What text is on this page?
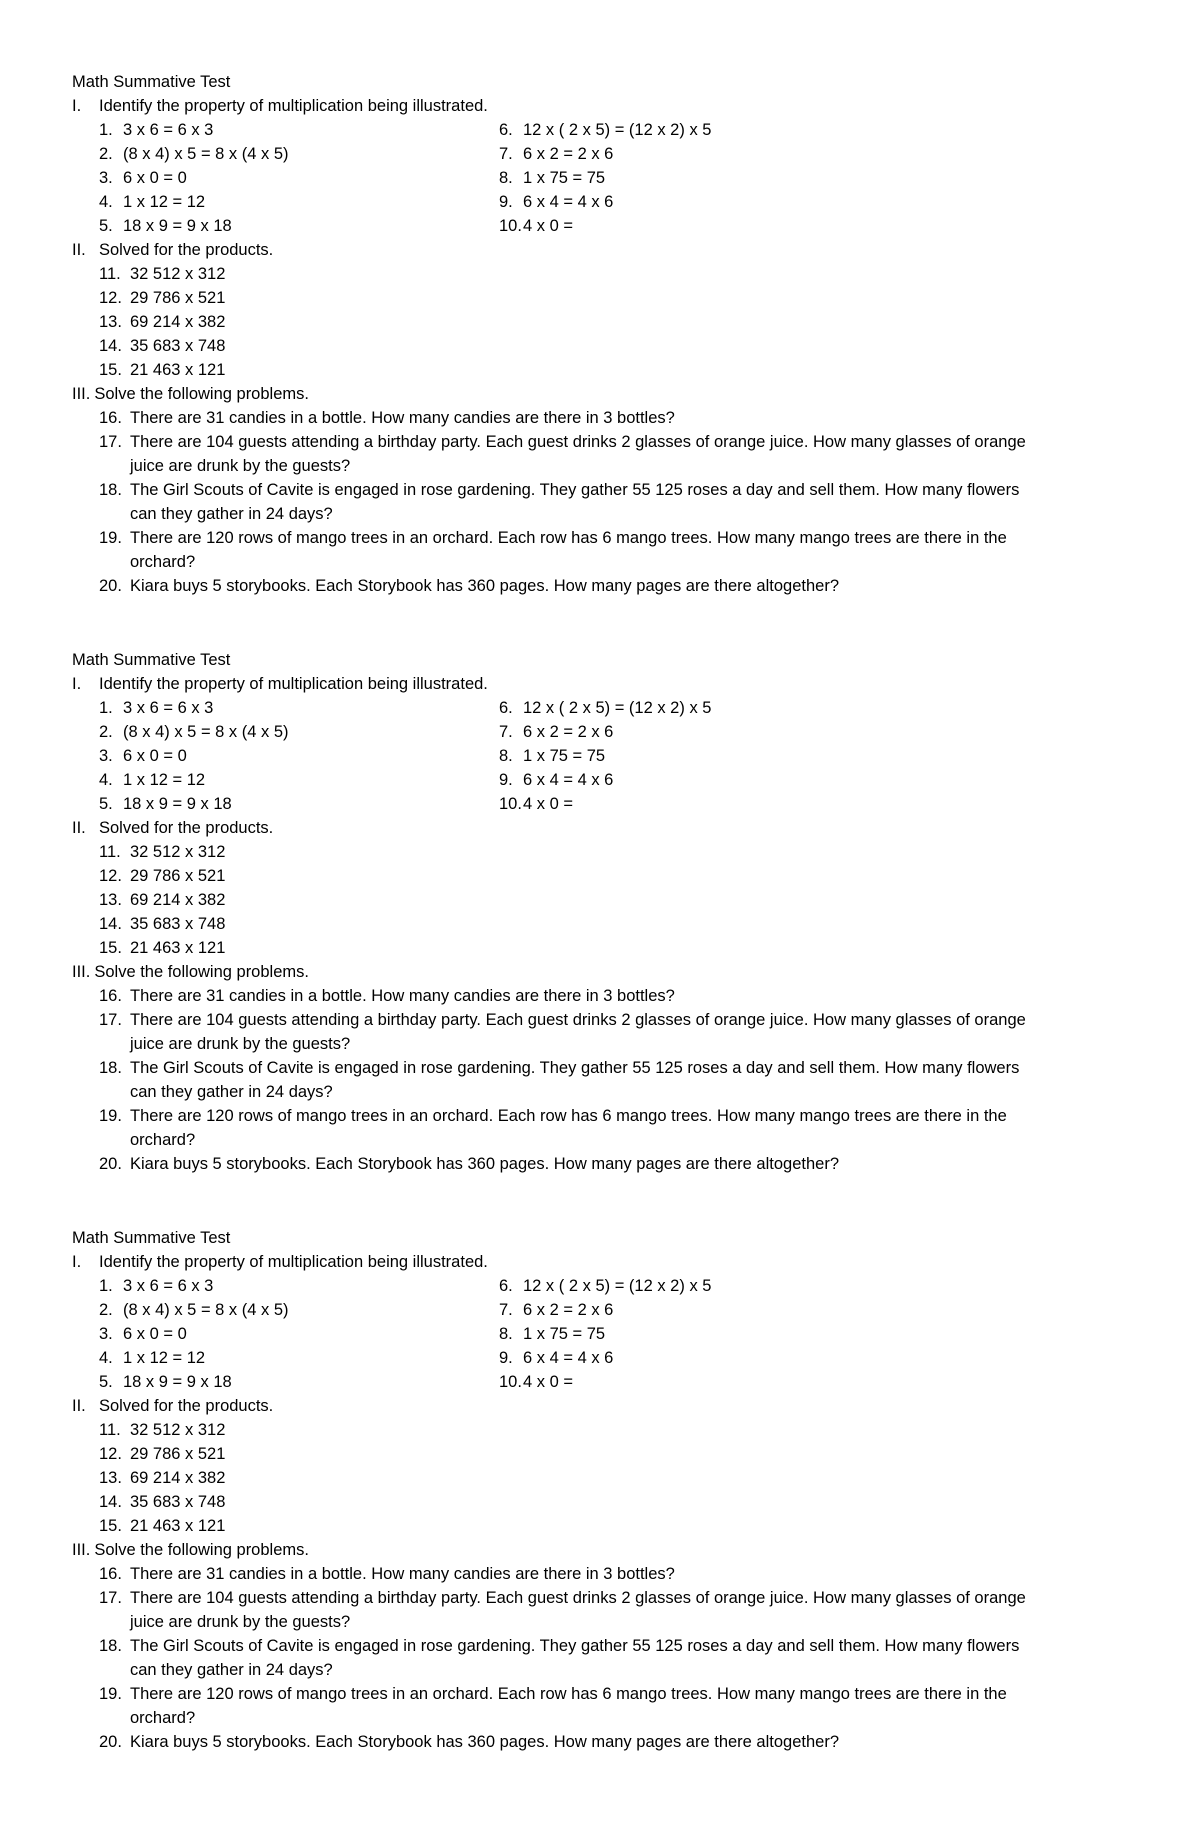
Math Summative Test
I.	Identify the property of multiplication being illustrated.
1. 3 x 6 = 6 x 3
2. (8 x 4) x 5 = 8 x (4 x 5)
3. 6 x 0 = 0
4. 1 x 12 = 12
5. 18 x 9 = 9 x 18
6. 12 x ( 2 x 5) = (12 x 2) x 5
7. 6 x 2 = 2 x 6
8. 1 x 75 = 75
9. 6 x 4 = 4 x 6
10. 4 x 0 =
II. Solved for the products.
11. 32 512 x 312
12. 29 786 x 521
13. 69 214 x 382
14. 35 683 x 748
15. 21 463 x 121
III. Solve the following problems.
16. There are 31 candies in a bottle. How many candies are there in 3 bottles?
17. There are 104 guests attending a birthday party. Each guest drinks 2 glasses of orange juice. How many glasses of orange juice are drunk by the guests?
18. The Girl Scouts of Cavite is engaged in rose gardening. They gather 55 125 roses a day and sell them. How many flowers can they gather in 24 days?
19. There are 120 rows of mango trees in an orchard. Each row has 6 mango trees. How many mango trees are there in the orchard?
20. Kiara buys 5 storybooks. Each Storybook has 360 pages. How many pages are there altogether?
Math Summative Test
I.	Identify the property of multiplication being illustrated.
1. 3 x 6 = 6 x 3
2. (8 x 4) x 5 = 8 x (4 x 5)
3. 6 x 0 = 0
4. 1 x 12 = 12
5. 18 x 9 = 9 x 18
6. 12 x ( 2 x 5) = (12 x 2) x 5
7. 6 x 2 = 2 x 6
8. 1 x 75 = 75
9. 6 x 4 = 4 x 6
10. 4 x 0 =
II. Solved for the products.
11. 32 512 x 312
12. 29 786 x 521
13. 69 214 x 382
14. 35 683 x 748
15. 21 463 x 121
III. Solve the following problems.
16. There are 31 candies in a bottle. How many candies are there in 3 bottles?
17. There are 104 guests attending a birthday party. Each guest drinks 2 glasses of orange juice. How many glasses of orange juice are drunk by the guests?
18. The Girl Scouts of Cavite is engaged in rose gardening. They gather 55 125 roses a day and sell them. How many flowers can they gather in 24 days?
19. There are 120 rows of mango trees in an orchard. Each row has 6 mango trees. How many mango trees are there in the orchard?
20. Kiara buys 5 storybooks. Each Storybook has 360 pages. How many pages are there altogether?
Math Summative Test
I.	Identify the property of multiplication being illustrated.
1. 3 x 6 = 6 x 3
2. (8 x 4) x 5 = 8 x (4 x 5)
3. 6 x 0 = 0
4. 1 x 12 = 12
5. 18 x 9 = 9 x 18
6. 12 x ( 2 x 5) = (12 x 2) x 5
7. 6 x 2 = 2 x 6
8. 1 x 75 = 75
9. 6 x 4 = 4 x 6
10. 4 x 0 =
II. Solved for the products.
11. 32 512 x 312
12. 29 786 x 521
13. 69 214 x 382
14. 35 683 x 748
15. 21 463 x 121
III. Solve the following problems.
16. There are 31 candies in a bottle. How many candies are there in 3 bottles?
17. There are 104 guests attending a birthday party. Each guest drinks 2 glasses of orange juice. How many glasses of orange juice are drunk by the guests?
18. The Girl Scouts of Cavite is engaged in rose gardening. They gather 55 125 roses a day and sell them. How many flowers can they gather in 24 days?
19. There are 120 rows of mango trees in an orchard. Each row has 6 mango trees. How many mango trees are there in the orchard?
20. Kiara buys 5 storybooks. Each Storybook has 360 pages. How many pages are there altogether?
